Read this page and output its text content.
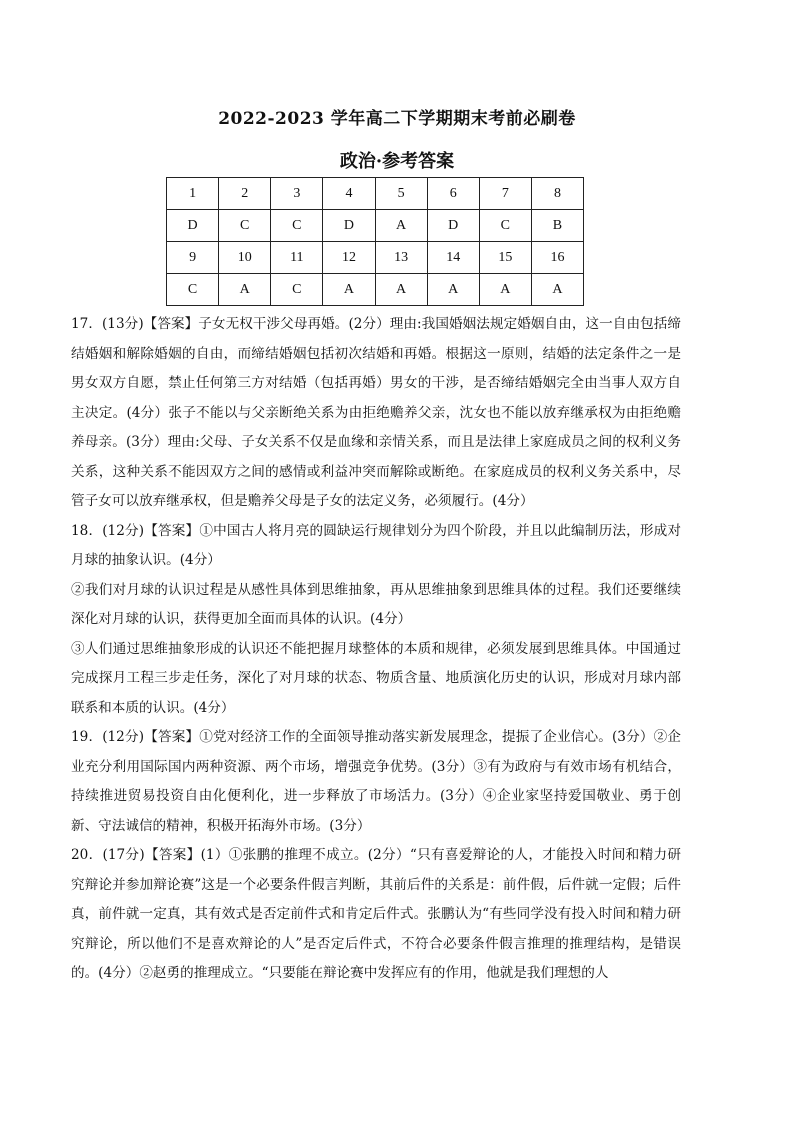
2022-2023 学年高二下学期期末考前必刷卷
政治·参考答案
1	2	3	4	5	6	7	8
D	C	C	D	A	D	C	B
9	10	11	12	13	14	15	16
C	A	C	A	A	A	A	A

17．(13分)【答案】子女无权干涉父母再婚。(2分）理由:我国婚姻法规定婚姻自由，这一自由包括缔结婚姻和解除婚姻的自由，而缔结婚姻包括初次结婚和再婚。根据这一原则，结婚的法定条件之一是男女双方自愿，禁止任何第三方对结婚（包括再婚）男女的干涉，是否缔结婚姻完全由当事人双方自主决定。(4分）张子不能以与父亲断绝关系为由拒绝赡养父亲，沈女也不能以放弃继承权为由拒绝赡养母亲。(3分）理由:父母、子女关系不仅是血缘和亲情关系，而且是法律上家庭成员之间的权利义务关系，这种关系不能因双方之间的感情或利益冲突而解除或断绝。在家庭成员的权利义务关系中，尽管子女可以放弃继承权，但是赡养父母是子女的法定义务，必须履行。(4分）

18．(12分)【答案】①中国古人将月亮的圆缺运行规律划分为四个阶段，并且以此编制历法，形成对月球的抽象认识。(4分）

②我们对月球的认识过程是从感性具体到思维抽象，再从思维抽象到思维具体的过程。我们还要继续深化对月球的认识，获得更加全面而具体的认识。(4分）

③人们通过思维抽象形成的认识还不能把握月球整体的本质和规律，必须发展到思维具体。中国通过完成探月工程三步走任务，深化了对月球的状态、物质含量、地质演化历史的认识，形成对月球内部联系和本质的认识。(4分）

19．(12分)【答案】①党对经济工作的全面领导推动落实新发展理念，提振了企业信心。(3分）②企业充分利用国际国内两种资源、两个市场，增强竞争优势。(3分）③有为政府与有效市场有机结合，持续推进贸易投资自由化便利化，进一步释放了市场活力。(3分）④企业家坚持爱国敬业、勇于创新、守法诚信的精神，积极开拓海外市场。(3分）

20．(17分)【答案】(1）①张鹏的推理不成立。(2分）“只有喜爱辩论的人，才能投入时间和精力研究辩论并参加辩论赛”这是一个必要条件假言判断，其前后件的关系是：前件假，后件就一定假；后件真，前件就一定真，其有效式是否定前件式和肯定后件式。张鹏认为“有些同学没有投入时间和精力研究辩论，所以他们不是喜欢辩论的人”是否定后件式，不符合必要条件假言推理的推理结构，是错误的。(4分）②赵勇的推理成立。“只要能在辩论赛中发挥应有的作用，他就是我们理想的人
